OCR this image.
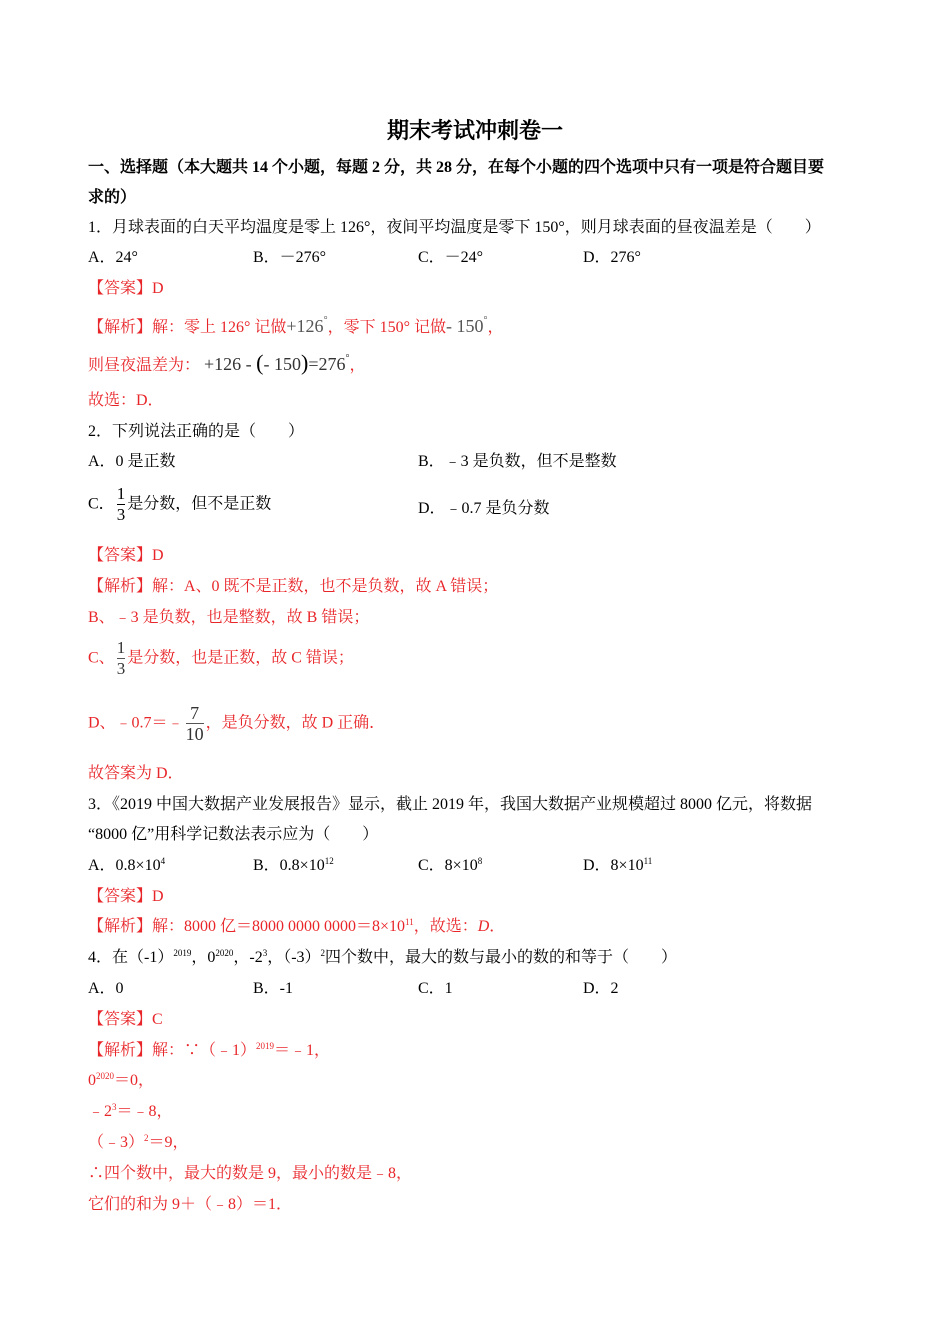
期末考试冲刺卷一
一、选择题（本大题共 14 个小题，每题 2 分，共 28 分，在每个小题的四个选项中只有一项是符合题目要
求的）
1．月球表面的白天平均温度是零上 126°，夜间平均温度是零下 150°，则月球表面的昼夜温差是（　　）
A．24°	B．－276°	C．－24°	D．276°
【答案】D
【解析】解：零上 126° 记做+126°，零下 150° 记做- 150°，
则昼夜温差为： +126 - (- 150)=276°，
故选：D．
2．下列说法正确的是（　　）
A．0 是正数	B．﹣3 是负数，但不是整数
C． $\frac{1}{3}$ 是分数，但不是正数	D．﹣0.7 是负分数
【答案】D
【解析】解：A、0 既不是正数，也不是负数，故 A 错误；
B、﹣3 是负数，也是整数，故 B 错误；
C、 $\frac{1}{3}$ 是分数，也是正数，故 C 错误；
D、﹣0.7＝﹣ $\frac{7}{10}$ ，是负分数，故 D 正确．
故答案为 D．
3．《2019 中国大数据产业发展报告》显示，截止 2019 年，我国大数据产业规模超过 8000 亿元，将数据
“8000 亿”用科学记数法表示应为（　　）
A．$0.8\times 10^4$	B．$0.8\times 10^{12}$	C．$8\times 10^8$	D．$8\times 10^{11}$
【答案】D
【解析】解：8000 亿＝8000 0000 $0000=8\times 10^{11}$，故选：D．
4．在$(-1)^{2019}$，$0^{2020}$，$-2^3$，$(-3)^2$四个数中，最大的数与最小的数的和等于（　　）
A．0	B．-1	C．1	D．2
【答案】C
【解析】解：∵（﹣1）$^{2019}$＝﹣1，
$0^{2020}=0$，
$﹣2^3=﹣8$，
（﹣3）$^2$＝9，
∴四个数中，最大的数是 9，最小的数是﹣8，
它们的和为 9＋（﹣8）＝1．
